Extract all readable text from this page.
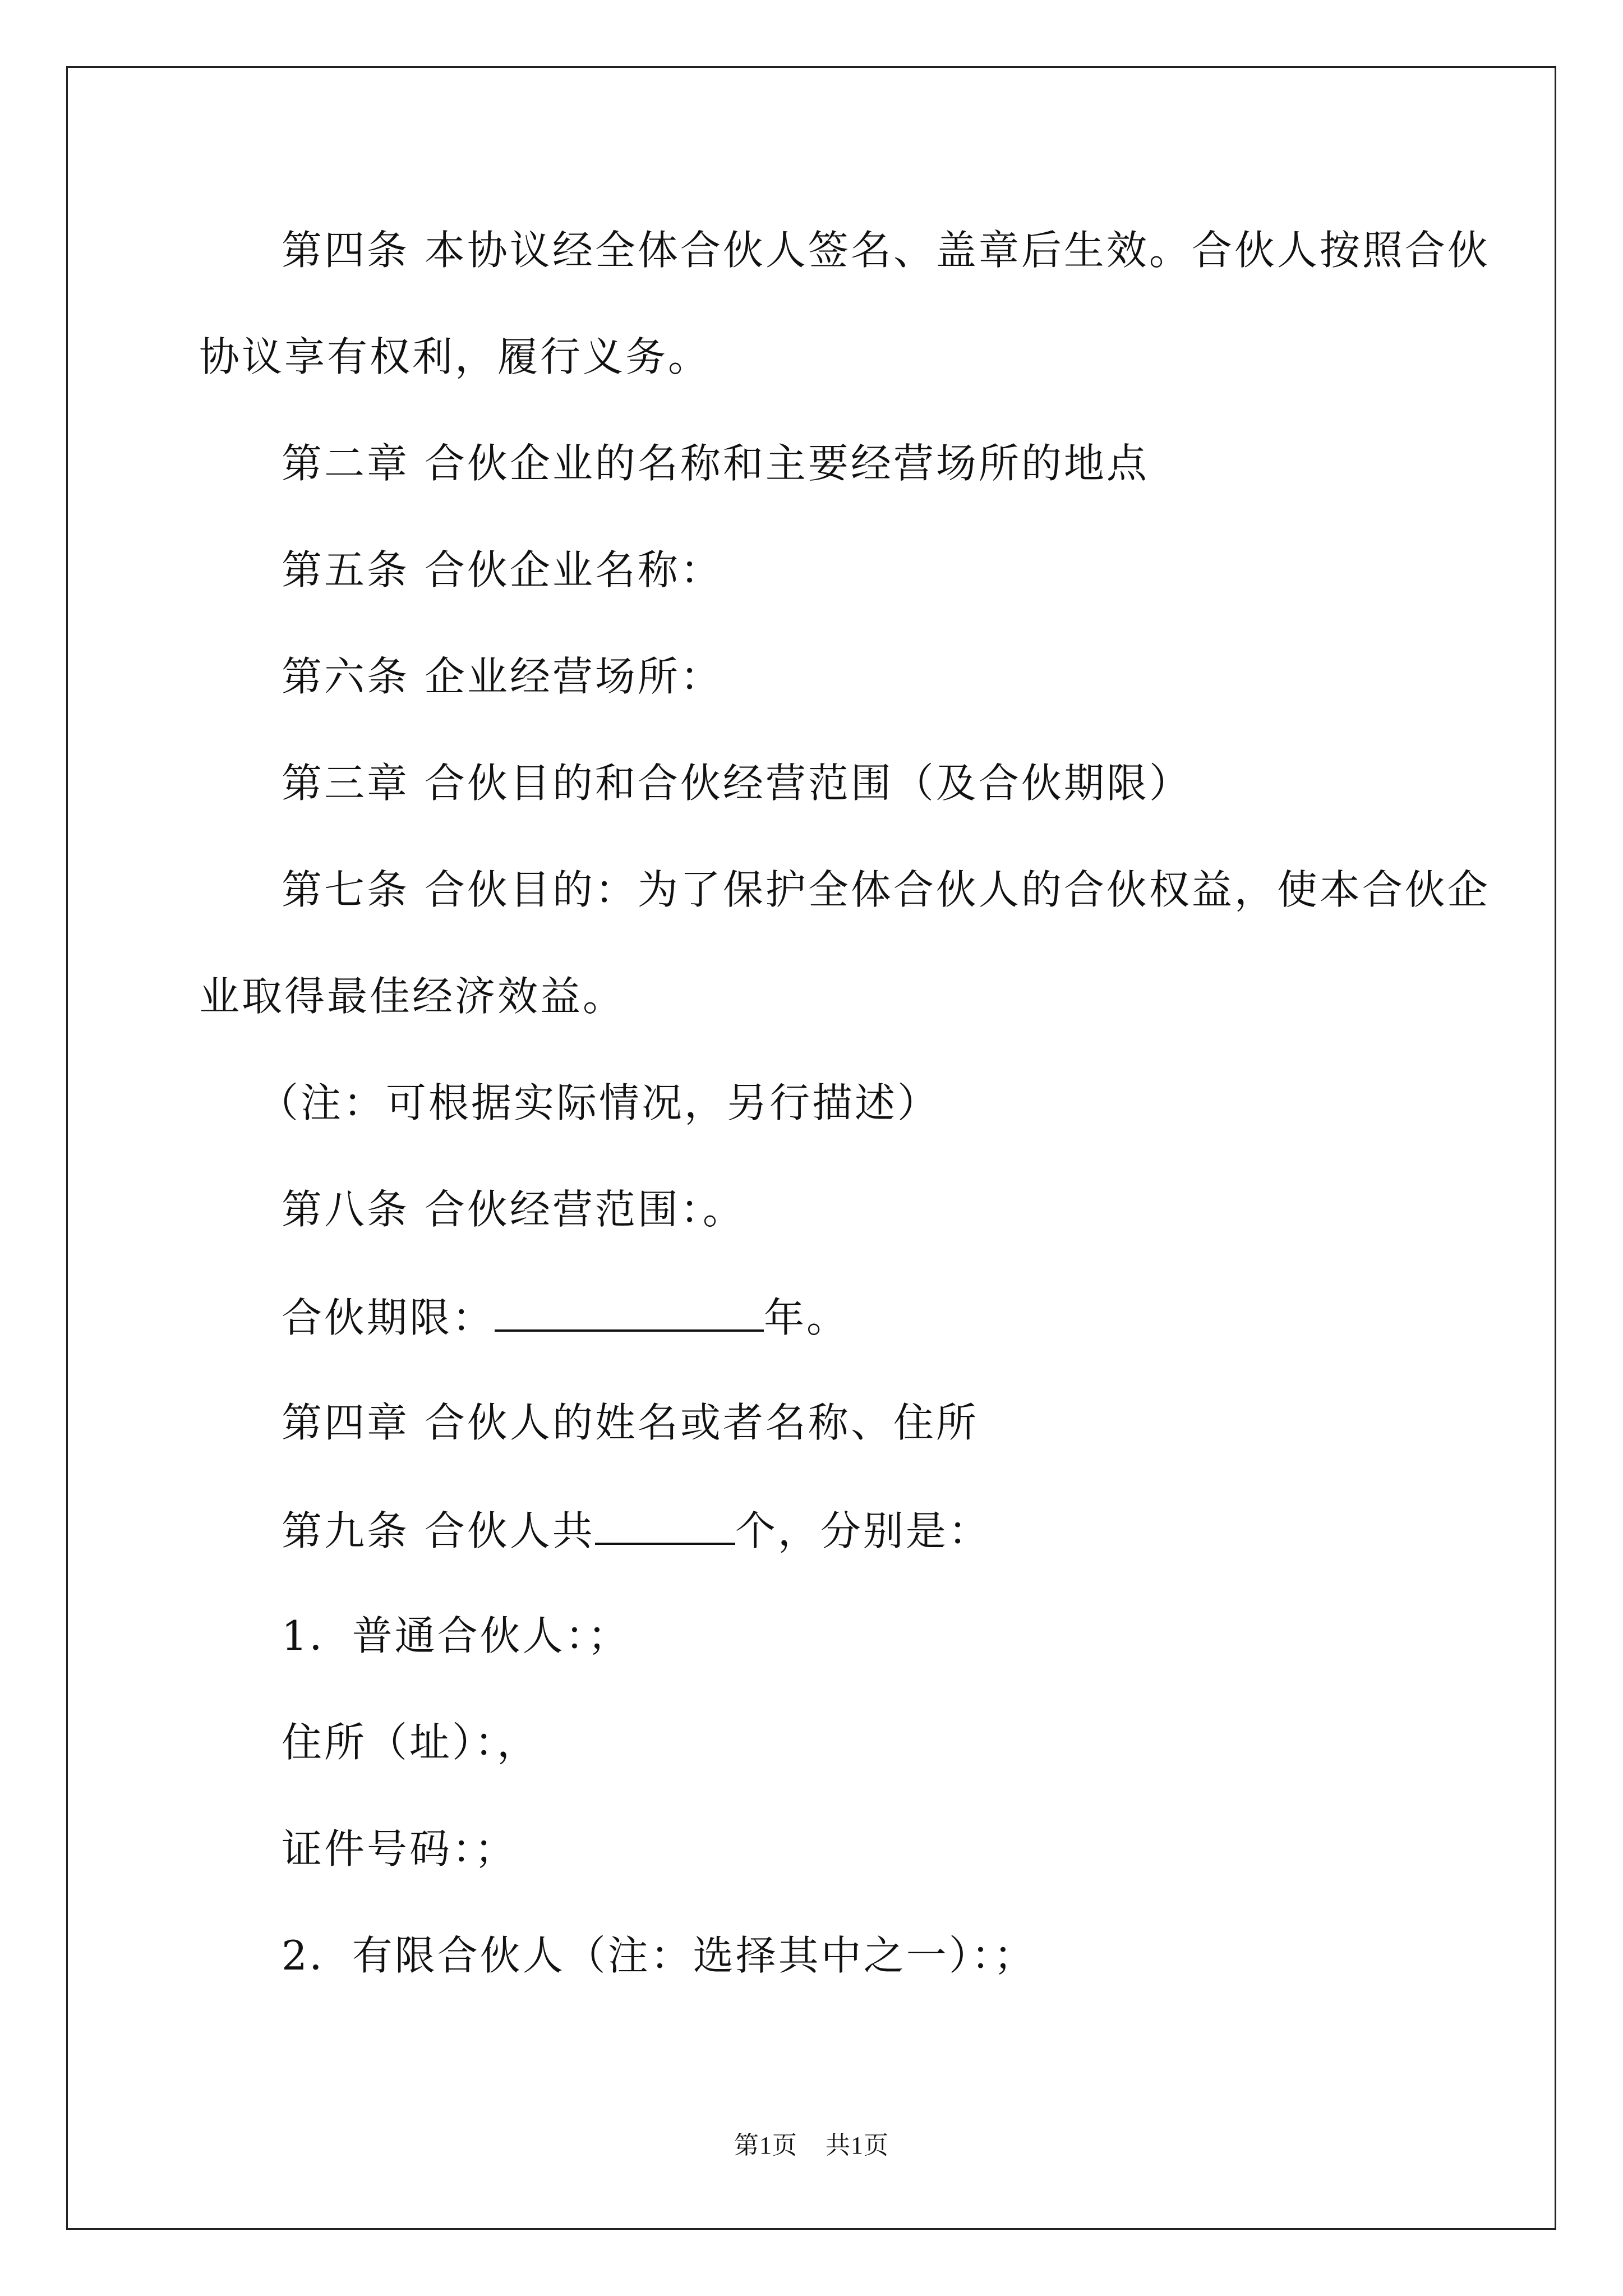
第四条 本协议经全体合伙人签名、盖章后生效。合伙人按照合伙
协议享有权利，履行义务。
第二章 合伙企业的名称和主要经营场所的地点
第五条 合伙企业名称：
第六条 企业经营场所：
第三章 合伙目的和合伙经营范围（及合伙期限）
第七条 合伙目的：为了保护全体合伙人的合伙权益，使本合伙企
业取得最佳经济效益。
（注：可根据实际情况，另行描述）
第八条 合伙经营范围：。
合伙期限：	年。
第四章 合伙人的姓名或者名称、住所
第九条 合伙人共	个，分别是：
1．普通合伙人：；
住所（址）：，
证件号码：；
2．有限合伙人（注：选择其中之一）：；
第1页 共1页
